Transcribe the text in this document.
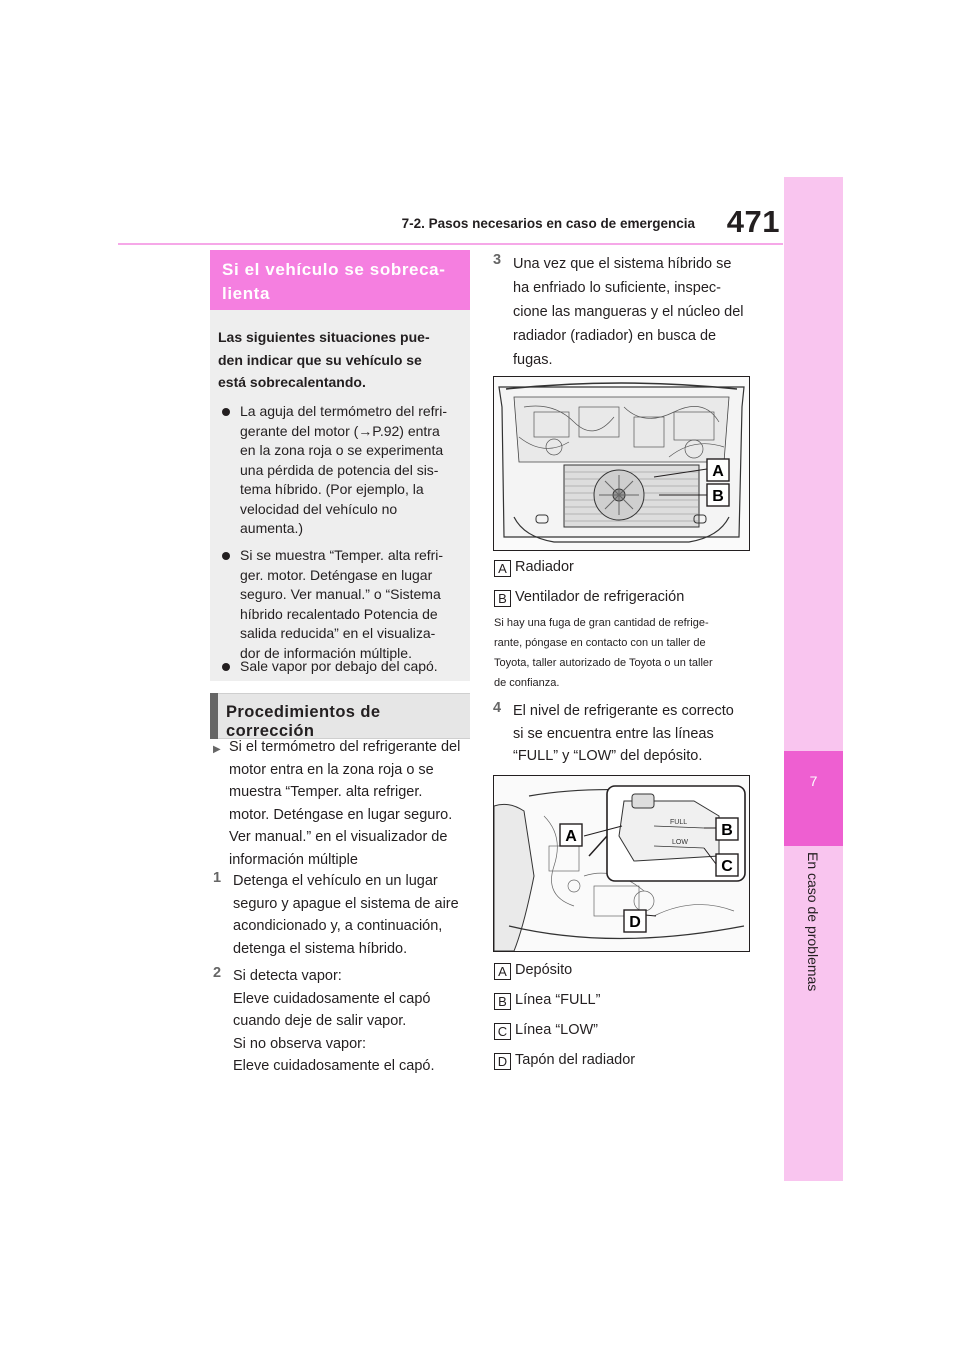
7-2. Pasos necesarios en caso de emergencia	471
7
En caso de problemas
Si el vehículo se sobreca-
lienta
Las siguientes situaciones pue-
den indicar que su vehículo se
está sobrecalentando.
La aguja del termómetro del refri-
gerante del motor (→P.92) entra
en la zona roja o se experimenta
una pérdida de potencia del sis-
tema híbrido. (Por ejemplo, la
velocidad del vehículo no
aumenta.)
Si se muestra “Temper. alta refri-
ger. motor. Deténgase en lugar
seguro. Ver manual.” o “Sistema
híbrido recalentado Potencia de
salida reducida” en el visualiza-
dor de información múltiple.
Sale vapor por debajo del capó.
Procedimientos de corrección
▶ Si el termómetro del refrigerante del
motor entra en la zona roja o se
muestra “Temper. alta refriger.
motor. Deténgase en lugar seguro.
Ver manual.” en el visualizador de
información múltiple
1 Detenga el vehículo en un lugar
seguro y apague el sistema de aire
acondicionado y, a continuación,
detenga el sistema híbrido.
2 Si detecta vapor:
Eleve cuidadosamente el capó
cuando deje de salir vapor.
Si no observa vapor:
Eleve cuidadosamente el capó.
3 Una vez que el sistema híbrido se
ha enfriado lo suficiente, inspec-
cione las mangueras y el núcleo del
radiador (radiador) en busca de
fugas.
A
B
A Radiador
B Ventilador de refrigeración
Si hay una fuga de gran cantidad de refrige-
rante, póngase en contacto con un taller de
Toyota, taller autorizado de Toyota o un taller
de confianza.
4 El nivel de refrigerante es correcto
si se encuentra entre las líneas
“FULL” y “LOW” del depósito.
FULL
LOW
A	B
C
D
A Depósito
B Línea “FULL”
C Línea “LOW”
D Tapón del radiador
